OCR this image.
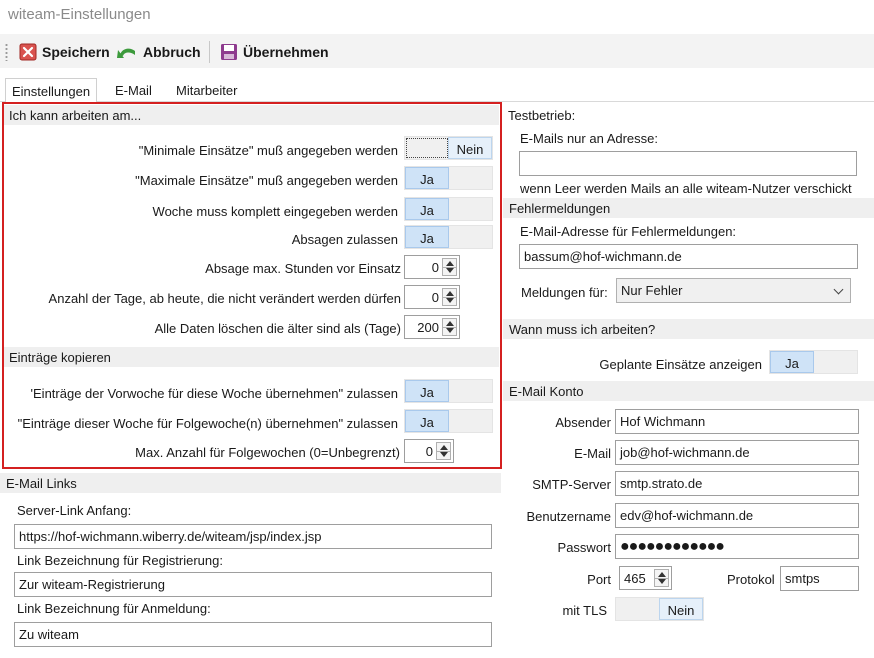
witeam-Einstellungen
Speichern Abbruch	Übernehmen
Einstellungen	E-Mail	Mitarbeiter
Ich kann arbeiten am...
"Minimale Einsätze" muß angegeben werden	Nein
"Maximale Einsätze" muß angegeben werden	Ja
Woche muss komplett eingegeben werden	Ja
Absagen zulassen	Ja
Absage max. Stunden vor Einsatz 0
Anzahl der Tage, ab heute, die nicht verändert werden dürfen 0
Alle Daten löschen die älter sind als (Tage) 200
Einträge kopieren
'Einträge der Vorwoche für diese Woche übernehmen" zulassen	Ja
"Einträge dieser Woche für Folgewoche(n) übernehmen" zulassen	Ja
Max. Anzahl für Folgewochen (0=Unbegrenzt) 0
E-Mail Links
Server-Link Anfang:
https://hof-wichmann.wiberry.de/witeam/jsp/index.jsp
Link Bezeichnung für Registrierung:
Zur witeam-Registrierung
Link Bezeichnung für Anmeldung:
Zu witeam
Testbetrieb:
E-Mails nur an Adresse:
wenn Leer werden Mails an alle witeam-Nutzer verschickt
Fehlermeldungen
E-Mail-Adresse für Fehlermeldungen:
bassum@hof-wichmann.de
Meldungen für:	Nur Fehler
Wann muss ich arbeiten?
Geplante Einsätze anzeigen	Ja
E-Mail Konto
Absender Hof Wichmann
E-Mail job@hof-wichmann.de
SMTP-Server smtp.strato.de
Benutzername edv@hof-wichmann.de
Passwort ●●●●●●●●●●●●
Port 465	Protokol smtps
mit TLS	Nein
